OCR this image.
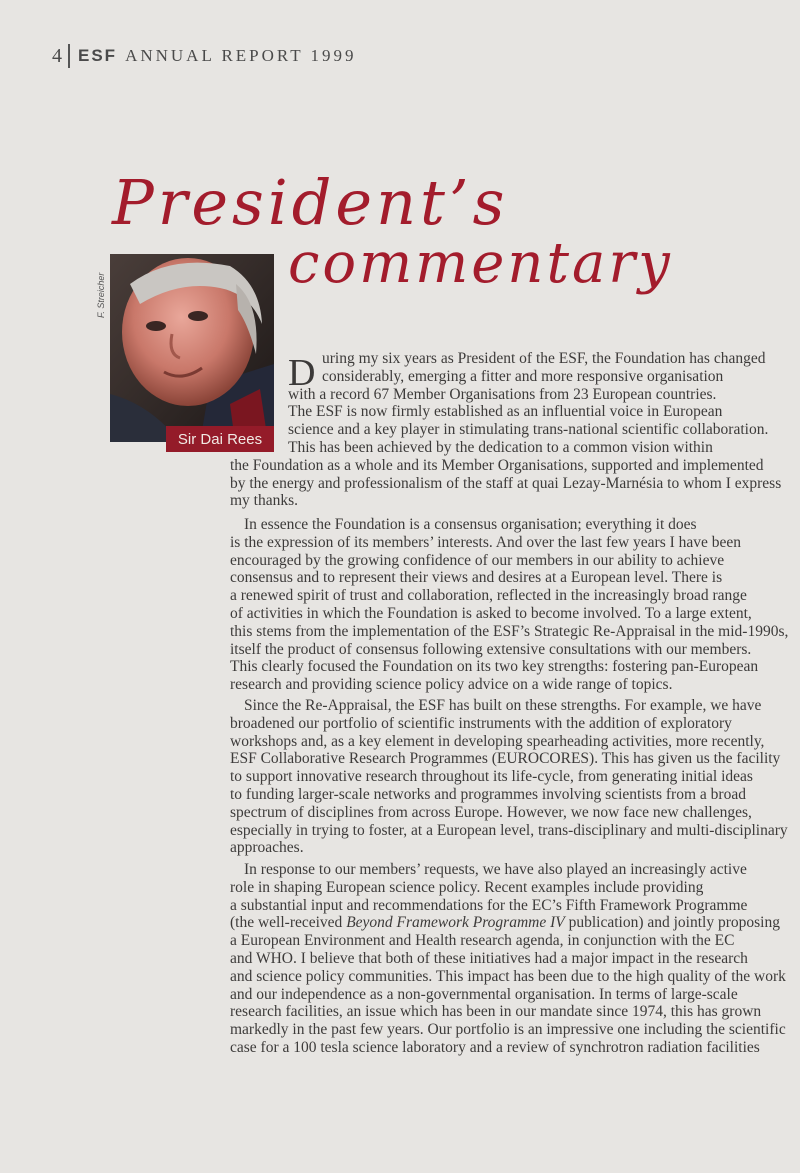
4 ESF ANNUAL REPORT 1999
President’s
commentary
F. Streicher
Sir Dai Rees
D uring my six years as President of the ESF, the Foundation has changed
considerably, emerging a fitter and more responsive organisation
with a record 67 Member Organisations from 23 European countries.
The ESF is now firmly established as an influential voice in European
science and a key player in stimulating trans-national scientific collaboration.
This has been achieved by the dedication to a common vision within
the Foundation as a whole and its Member Organisations, supported and implemented
by the energy and professionalism of the staff at quai Lezay-Marnésia to whom I express
my thanks.
In essence the Foundation is a consensus organisation; everything it does
is the expression of its members’ interests. And over the last few years I have been
encouraged by the growing confidence of our members in our ability to achieve
consensus and to represent their views and desires at a European level. There is
a renewed spirit of trust and collaboration, reflected in the increasingly broad range
of activities in which the Foundation is asked to become involved. To a large extent,
this stems from the implementation of the ESF’s Strategic Re-Appraisal in the mid-1990s,
itself the product of consensus following extensive consultations with our members.
This clearly focused the Foundation on its two key strengths: fostering pan-European
research and providing science policy advice on a wide range of topics.
Since the Re-Appraisal, the ESF has built on these strengths. For example, we have
broadened our portfolio of scientific instruments with the addition of exploratory
workshops and, as a key element in developing spearheading activities, more recently,
ESF Collaborative Research Programmes (EUROCORES). This has given us the facility
to support innovative research throughout its life-cycle, from generating initial ideas
to funding larger-scale networks and programmes involving scientists from a broad
spectrum of disciplines from across Europe. However, we now face new challenges,
especially in trying to foster, at a European level, trans-disciplinary and multi-disciplinary
approaches.
In response to our members’ requests, we have also played an increasingly active
role in shaping European science policy. Recent examples include providing
a substantial input and recommendations for the EC’s Fifth Framework Programme
(the well-received Beyond Framework Programme IV publication) and jointly proposing
a European Environment and Health research agenda, in conjunction with the EC
and WHO. I believe that both of these initiatives had a major impact in the research
and science policy communities. This impact has been due to the high quality of the work
and our independence as a non-governmental organisation. In terms of large-scale
research facilities, an issue which has been in our mandate since 1974, this has grown
markedly in the past few years. Our portfolio is an impressive one including the scientific
case for a 100 tesla science laboratory and a review of synchrotron radiation facilities
